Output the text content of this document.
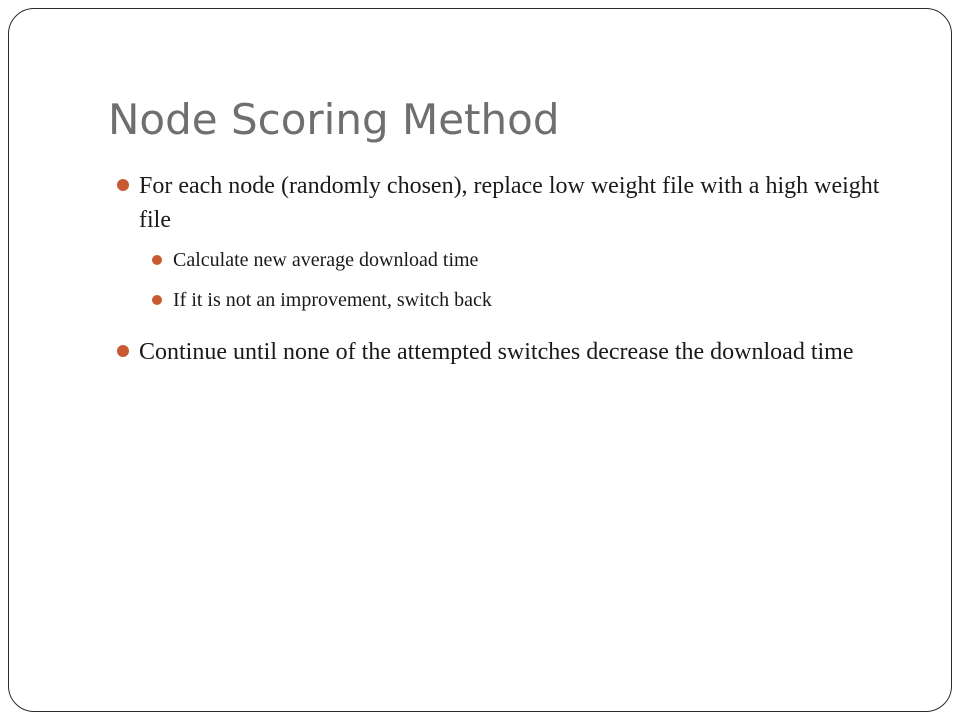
Node Scoring Method
For each node (randomly chosen), replace low weight file with a high weight file
Calculate new average download time
If it is not an improvement, switch back
Continue until none of the attempted switches decrease the download time
